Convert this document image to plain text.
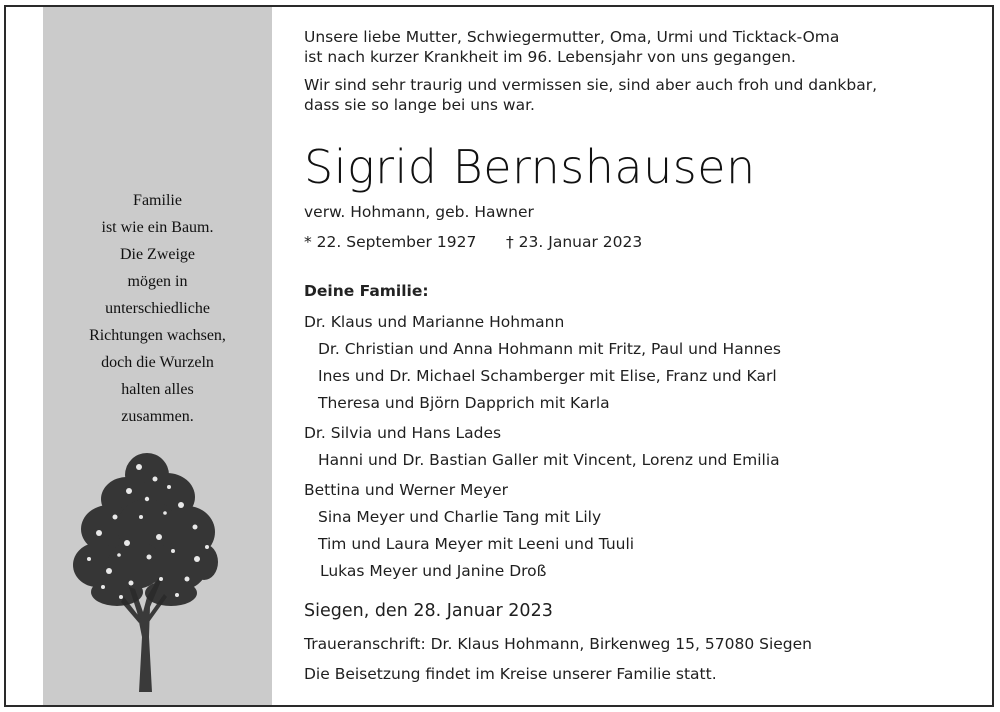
Familie
ist wie ein Baum.
Die Zweige
mögen in
unterschiedliche
Richtungen wachsen,
doch die Wurzeln
halten alles
zusammen.
Unsere liebe Mutter, Schwiegermutter, Oma, Urmi und Ticktack-Oma
ist nach kurzer Krankheit im 96. Lebensjahr von uns gegangen.
Wir sind sehr traurig und vermissen sie, sind aber auch froh und dankbar,
dass sie so lange bei uns war.
Sigrid Bernshausen
verw. Hohmann, geb. Hawner
* 22. September 1927 † 23. Januar 2023
Deine Familie:
Dr. Klaus und Marianne Hohmann
Dr. Christian und Anna Hohmann mit Fritz, Paul und Hannes
Ines und Dr. Michael Schamberger mit Elise, Franz und Karl
Theresa und Björn Dapprich mit Karla
Dr. Silvia und Hans Lades
Hanni und Dr. Bastian Galler mit Vincent, Lorenz und Emilia
Bettina und Werner Meyer
Sina Meyer und Charlie Tang mit Lily
Tim und Laura Meyer mit Leeni und Tuuli
Lukas Meyer und Janine Droß
Siegen, den 28. Januar 2023
Traueranschrift: Dr. Klaus Hohmann, Birkenweg 15, 57080 Siegen
Die Beisetzung findet im Kreise unserer Familie statt.
